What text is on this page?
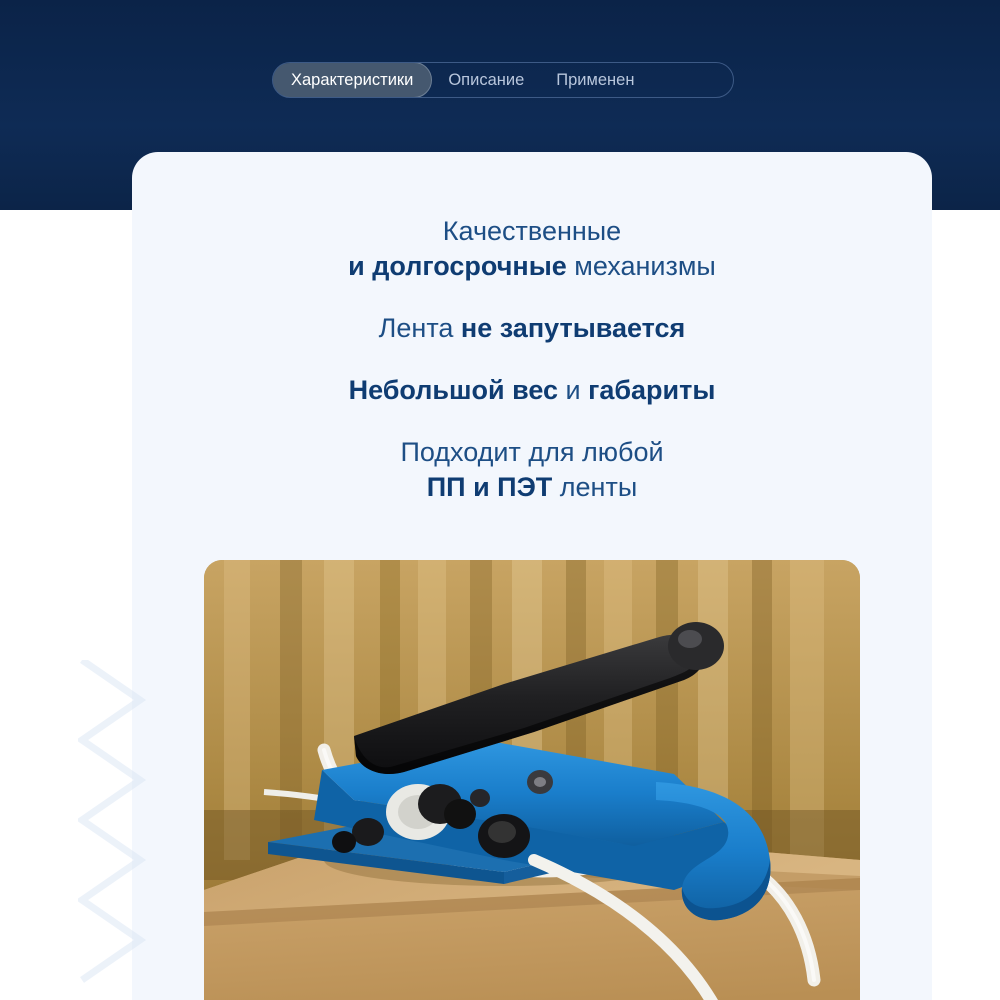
Характеристики	Описание	Применен
Качественные
и долгосрочные механизмы
Лента не запутывается
Небольшой вес и габариты
Подходит для любой
ПП и ПЭТ ленты
